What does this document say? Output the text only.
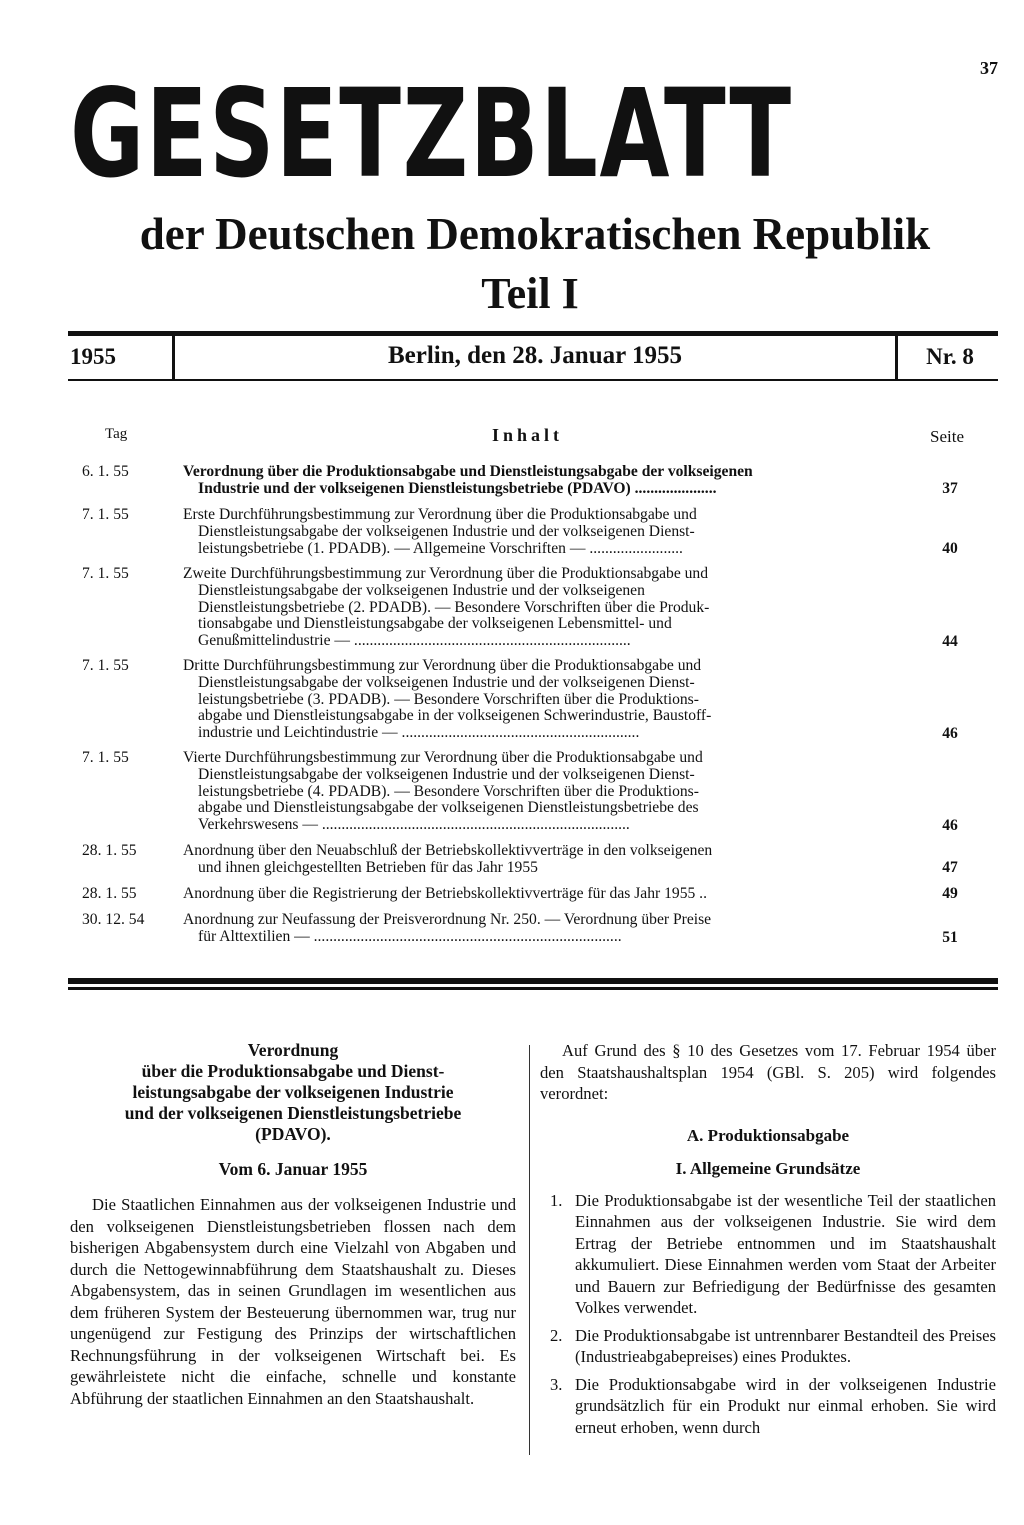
37
GESETZBLATT
der Deutschen Demokratischen Republik
Teil I
1955	Berlin, den 28. Januar 1955	Nr. 8
Tag	Inhalt	Seite
6. 1. 55	Verordnung über die Produktionsabgabe und Dienstleistungsabgabe der volkseigenen
Industrie und der volkseigenen Dienstleistungsbetriebe (PDAVO) .....................	37
7. 1. 55	Erste Durchführungsbestimmung zur Verordnung über die Produktionsabgabe und
Dienstleistungsabgabe der volkseigenen Industrie und der volkseigenen Dienst-
leistungsbetriebe (1. PDADB). — Allgemeine Vorschriften — ........................	40
7. 1. 55	Zweite Durchführungsbestimmung zur Verordnung über die Produktionsabgabe und
Dienstleistungsabgabe der volkseigenen Industrie und der volkseigenen
Dienstleistungsbetriebe (2. PDADB). — Besondere Vorschriften über die Produk-
tionsabgabe und Dienstleistungsabgabe der volkseigenen Lebensmittel- und
Genußmittelindustrie — .......................................................................	44
7. 1. 55	Dritte Durchführungsbestimmung zur Verordnung über die Produktionsabgabe und
Dienstleistungsabgabe der volkseigenen Industrie und der volkseigenen Dienst-
leistungsbetriebe (3. PDADB). — Besondere Vorschriften über die Produktions-
abgabe und Dienstleistungsabgabe in der volkseigenen Schwerindustrie, Baustoff-
industrie und Leichtindustrie — .............................................................	46
7. 1. 55	Vierte Durchführungsbestimmung zur Verordnung über die Produktionsabgabe und
Dienstleistungsabgabe der volkseigenen Industrie und der volkseigenen Dienst-
leistungsbetriebe (4. PDADB). — Besondere Vorschriften über die Produktions-
abgabe und Dienstleistungsabgabe der volkseigenen Dienstleistungsbetriebe des
Verkehrswesens — ...............................................................................	46
28. 1. 55	Anordnung über den Neuabschluß der Betriebskollektivverträge in den volkseigenen
und ihnen gleichgestellten Betrieben für das Jahr 1955	47
28. 1. 55	Anordnung über die Registrierung der Betriebskollektivverträge für das Jahr 1955 ..	49
30. 12. 54	Anordnung zur Neufassung der Preisverordnung Nr. 250. — Verordnung über Preise
für Alttextilien — ...............................................................................	51
Verordnung
über die Produktionsabgabe und Dienst-
leistungsabgabe der volkseigenen Industrie
und der volkseigenen Dienstleistungsbetriebe
(PDAVO).
Vom 6. Januar 1955

Die Staatlichen Einnahmen aus der volkseigenen Industrie und den volkseigenen Dienstleistungsbetrieben flossen nach dem bisherigen Abgabensystem durch eine Vielzahl von Abgaben und durch die Nettogewinnabführung dem Staatshaushalt zu. Dieses Abgabensystem, das in seinen Grundlagen im wesentlichen aus dem früheren System der Besteuerung übernommen war, trug nur ungenügend zur Festigung des Prinzips der wirtschaftlichen Rechnungsführung in der volkseigenen Wirtschaft bei. Es gewährleistete nicht die einfache, schnelle und konstante Abführung der staatlichen Einnahmen an den Staatshaushalt.

Auf Grund des § 10 des Gesetzes vom 17. Februar 1954 über den Staatshaushaltsplan 1954 (GBl. S. 205) wird folgendes verordnet:

A. Produktionsabgabe
I. Allgemeine Grundsätze
1. Die Produktionsabgabe ist der wesentliche Teil der staatlichen Einnahmen aus der volkseigenen Industrie. Sie wird dem Ertrag der Betriebe entnommen und im Staatshaushalt akkumuliert. Diese Einnahmen werden vom Staat der Arbeiter und Bauern zur Befriedigung der Bedürfnisse des gesamten Volkes verwendet.
2. Die Produktionsabgabe ist untrennbarer Bestandteil des Preises (Industrieabgabepreises) eines Produktes.
3. Die Produktionsabgabe wird in der volkseigenen Industrie grundsätzlich für ein Produkt nur einmal erhoben. Sie wird erneut erhoben, wenn durch
